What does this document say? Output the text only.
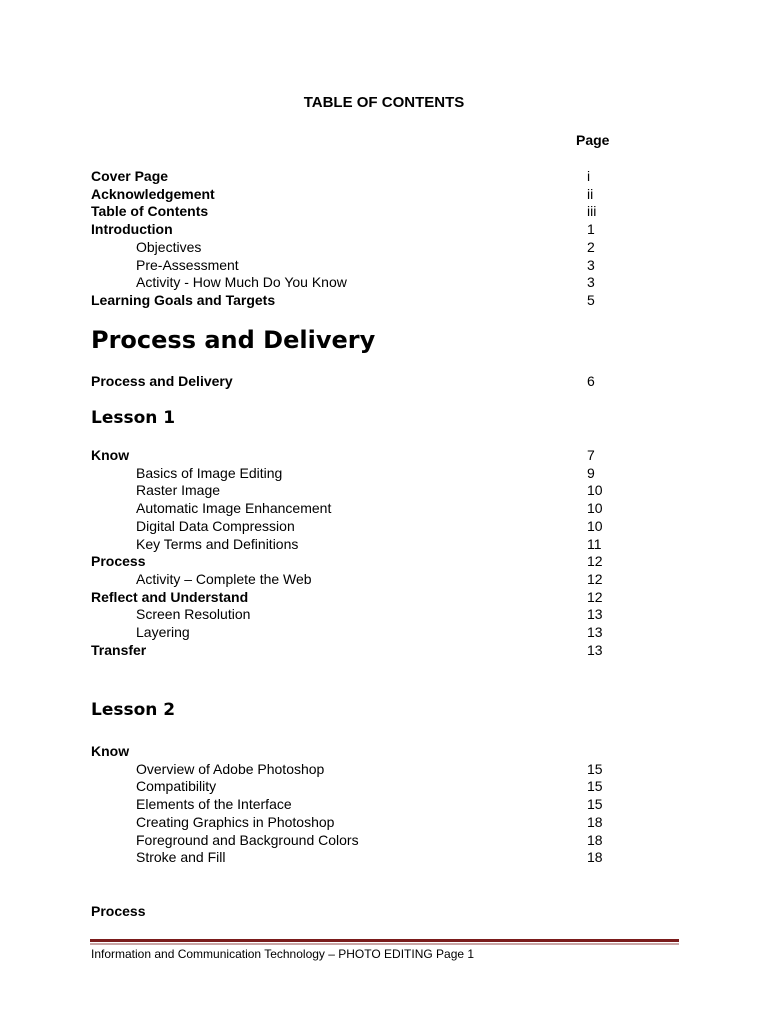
TABLE OF CONTENTS
Page
Cover Page	i
Acknowledgement	ii
Table of Contents	iii
Introduction	1
Objectives	2
Pre-Assessment	3
Activity - How Much Do You Know	3
Learning Goals and Targets	5
Process and Delivery
Process and Delivery	6
Lesson 1
Know	7
Basics of Image Editing	9
Raster Image	10
Automatic Image Enhancement	10
Digital Data Compression	10
Key Terms and Definitions	11
Process	12
Activity – Complete the Web	12
Reflect and Understand	12
Screen Resolution	13
Layering	13
Transfer	13
Lesson 2
Know
Overview of Adobe Photoshop	15
Compatibility	15
Elements of the Interface	15
Creating Graphics in Photoshop	18
Foreground and Background Colors	18
Stroke and Fill	18
Process
Information and Communication Technology – PHOTO EDITING Page 1
